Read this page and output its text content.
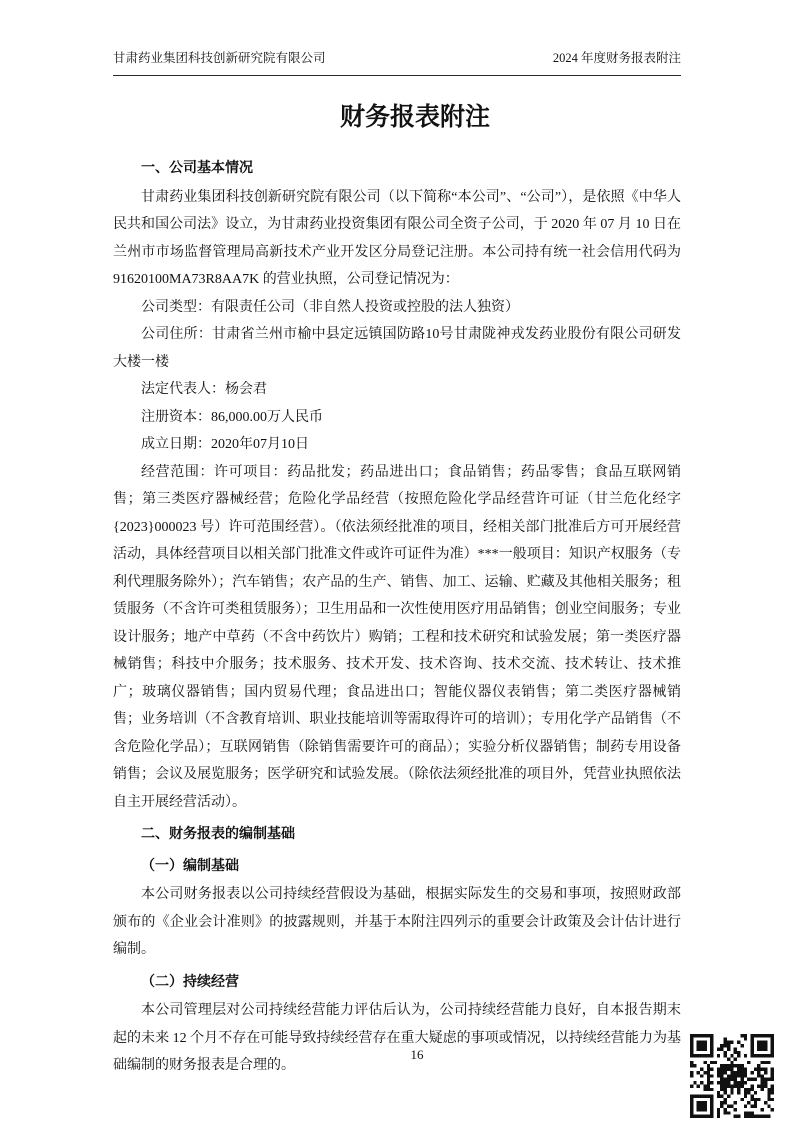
甘肃药业集团科技创新研究院有限公司	2024 年度财务报表附注
财务报表附注

一、公司基本情况

甘肃药业集团科技创新研究院有限公司（以下简称“本公司”、“公司”），是依照《中华人民共和国公司法》设立，为甘肃药业投资集团有限公司全资子公司，于 2020 年 07 月 10 日在兰州市市场监督管理局高新技术产业开发区分局登记注册。本公司持有统一社会信用代码为 91620100MA73R8AA7K 的营业执照，公司登记情况为：

公司类型：有限责任公司（非自然人投资或控股的法人独资）

公司住所：甘肃省兰州市榆中县定远镇国防路10号甘肃陇神戎发药业股份有限公司研发大楼一楼

法定代表人：杨会君

注册资本：86,000.00万人民币

成立日期：2020年07月10日

经营范围：许可项目：药品批发；药品进出口；食品销售；药品零售；食品互联网销售；第三类医疗器械经营；危险化学品经营（按照危险化学品经营许可证（甘兰危化经字{2023}000023 号）许可范围经营）。（依法须经批准的项目，经相关部门批准后方可开展经营活动，具体经营项目以相关部门批准文件或许可证件为准）***一般项目：知识产权服务（专利代理服务除外）；汽车销售；农产品的生产、销售、加工、运输、贮藏及其他相关服务；租赁服务（不含许可类租赁服务）；卫生用品和一次性使用医疗用品销售；创业空间服务；专业设计服务；地产中草药（不含中药饮片）购销；工程和技术研究和试验发展；第一类医疗器械销售；科技中介服务；技术服务、技术开发、技术咨询、技术交流、技术转让、技术推广；玻璃仪器销售；国内贸易代理；食品进出口；智能仪器仪表销售；第二类医疗器械销售；业务培训（不含教育培训、职业技能培训等需取得许可的培训）；专用化学产品销售（不含危险化学品）；互联网销售（除销售需要许可的商品）；实验分析仪器销售；制药专用设备销售；会议及展览服务；医学研究和试验发展。（除依法须经批准的项目外，凭营业执照依法自主开展经营活动）。

二、财务报表的编制基础

（一）编制基础

本公司财务报表以公司持续经营假设为基础，根据实际发生的交易和事项，按照财政部颁布的《企业会计准则》的披露规则，并基于本附注四列示的重要会计政策及会计估计进行编制。

（二）持续经营

本公司管理层对公司持续经营能力评估后认为，公司持续经营能力良好，自本报告期末起的未来 12 个月不存在可能导致持续经营存在重大疑虑的事项或情况，以持续经营能力为基础编制的财务报表是合理的。

16
